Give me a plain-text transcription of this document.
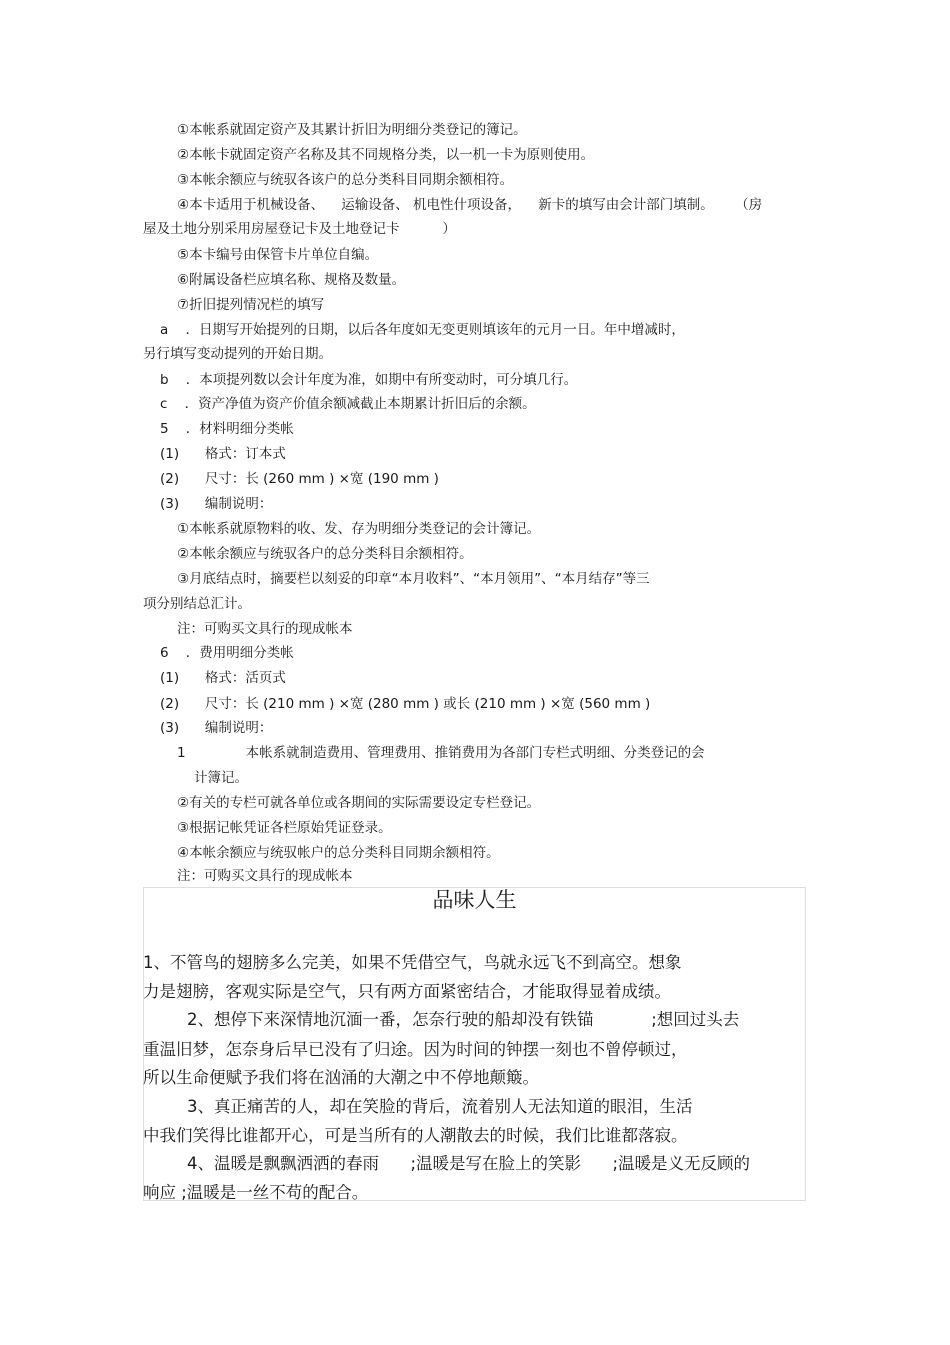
①本帐系就固定资产及其累计折旧为明细分类登记的簿记。
②本帐卡就固定资产名称及其不同规格分类，以一机一卡为原则使用。
③本帐余额应与统驭各该户的总分类科目同期余额相符。
④本卡适用于机械设备、    运输设备、 机电性什项设备，    新卡的填写由会计部门填制。     （房
屋及土地分别采用房屋登记卡及土地登记卡          ）
⑤本卡编号由保管卡片单位自编。
⑥附属设备栏应填名称、规格及数量。
⑦折旧提列情况栏的填写
a    ．日期写开始提列的日期，以后各年度如无变更则填该年的元月一日。年中增减时，
另行填写变动提列的开始日期。
b    ．本项提列数以会计年度为准，如期中有所变动时，可分填几行。
c    ．资产净值为资产价值余额减截止本期累计折旧后的余额。
5    ．材料明细分类帐
(1)      格式：订本式
(2)      尺寸：长 (260 mm ) ×宽 (190 mm )
(3)      编制说明：
①本帐系就原物料的收、发、存为明细分类登记的会计簿记。
②本帐余额应与统驭各户的总分类科目余额相符。
③月底结点时，摘要栏以刻妥的印章“本月收料”、“本月领用”、“本月结存”等三
项分别结总汇计。
注：可购买文具行的现成帐本
6    ．费用明细分类帐
(1)      格式：活页式
(2)      尺寸：长 (210 mm ) ×宽 (280 mm ) 或长 (210 mm ) ×宽 (560 mm )
(3)      编制说明：
1              本帐系就制造费用、管理费用、推销费用为各部门专栏式明细、分类登记的会
计簿记。
②有关的专栏可就各单位或各期间的实际需要设定专栏登记。
③根据记帐凭证各栏原始凭证登录。
④本帐余额应与统驭帐户的总分类科目同期余额相符。
注：可购买文具行的现成帐本
品味人生
1、不管鸟的翅膀多么完美，如果不凭借空气，鸟就永远飞不到高空。想象
力是翅膀，客观实际是空气，只有两方面紧密结合，才能取得显着成绩。
2、想停下来深情地沉湎一番，怎奈行驶的船却没有铁锚           ;想回过头去
重温旧梦，怎奈身后早已没有了归途。因为时间的钟摆一刻也不曾停顿过，
所以生命便赋予我们将在汹涌的大潮之中不停地颠簸。
3、真正痛苦的人，却在笑脸的背后，流着别人无法知道的眼泪，生活
中我们笑得比谁都开心，可是当所有的人潮散去的时候，我们比谁都落寂。
4、温暖是飘飘洒洒的春雨      ;温暖是写在脸上的笑影      ;温暖是义无反顾的
响应 ;温暖是一丝不苟的配合。
